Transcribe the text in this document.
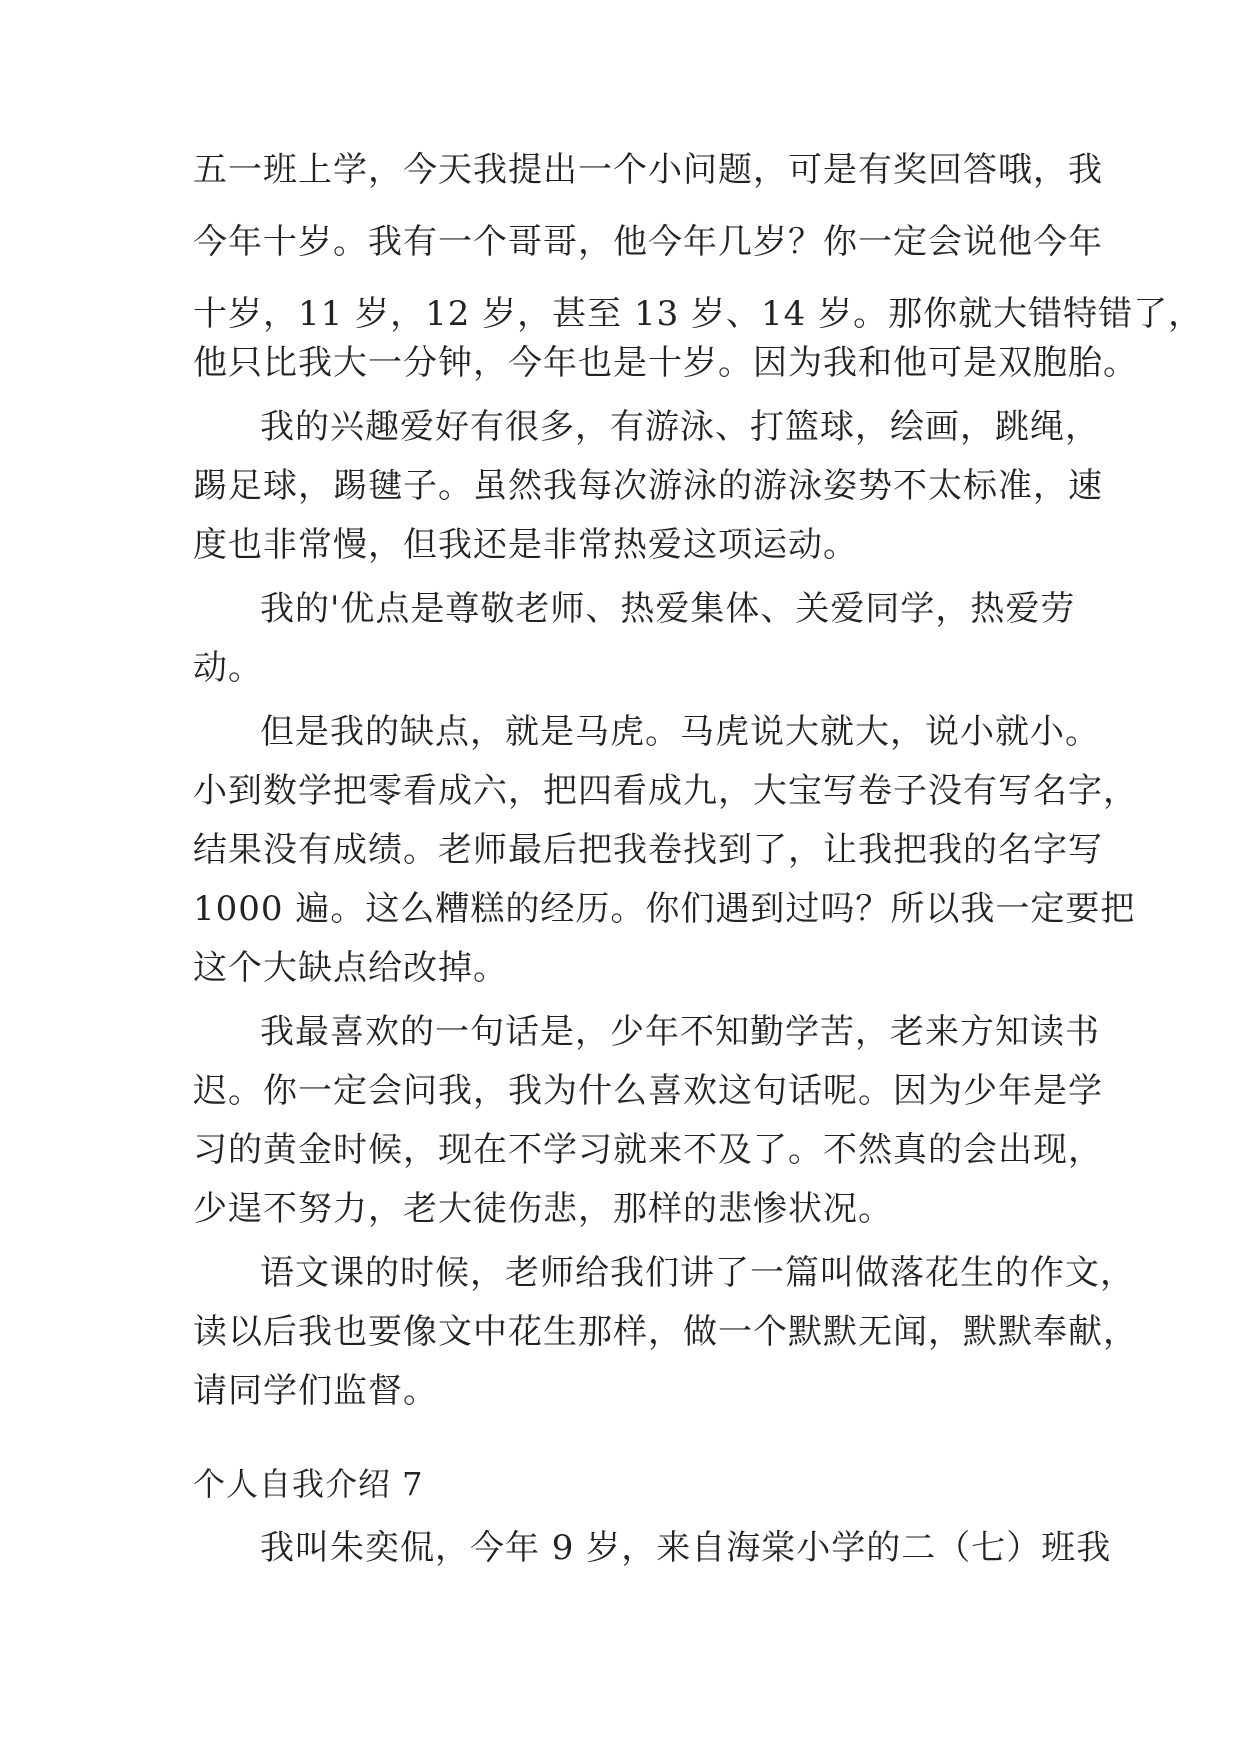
五一班上学，今天我提出一个小问题，可是有奖回答哦，我
今年十岁。我有一个哥哥，他今年几岁？你一定会说他今年
十岁，11 岁，12 岁，甚至 13 岁、14 岁。那你就大错特错了，
他只比我大一分钟，今年也是十岁。因为我和他可是双胞胎。
我的兴趣爱好有很多，有游泳、打篮球，绘画，跳绳，
踢足球，踢毽子。虽然我每次游泳的游泳姿势不太标准，速
度也非常慢，但我还是非常热爱这项运动。
我的'优点是尊敬老师、热爱集体、关爱同学，热爱劳
动。
但是我的缺点，就是马虎。马虎说大就大，说小就小。
小到数学把零看成六，把四看成九，大宝写卷子没有写名字，
结果没有成绩。老师最后把我卷找到了，让我把我的名字写
1000 遍。这么糟糕的经历。你们遇到过吗？所以我一定要把
这个大缺点给改掉。
我最喜欢的一句话是，少年不知勤学苦，老来方知读书
迟。你一定会问我，我为什么喜欢这句话呢。因为少年是学
习的黄金时候，现在不学习就来不及了。不然真的会出现，
少逞不努力，老大徒伤悲，那样的悲惨状况。
语文课的时候，老师给我们讲了一篇叫做落花生的作文，
读以后我也要像文中花生那样，做一个默默无闻，默默奉献，
请同学们监督。
个人自我介绍 7
我叫朱奕侃，今年 9 岁，来自海棠小学的二（七）班我
